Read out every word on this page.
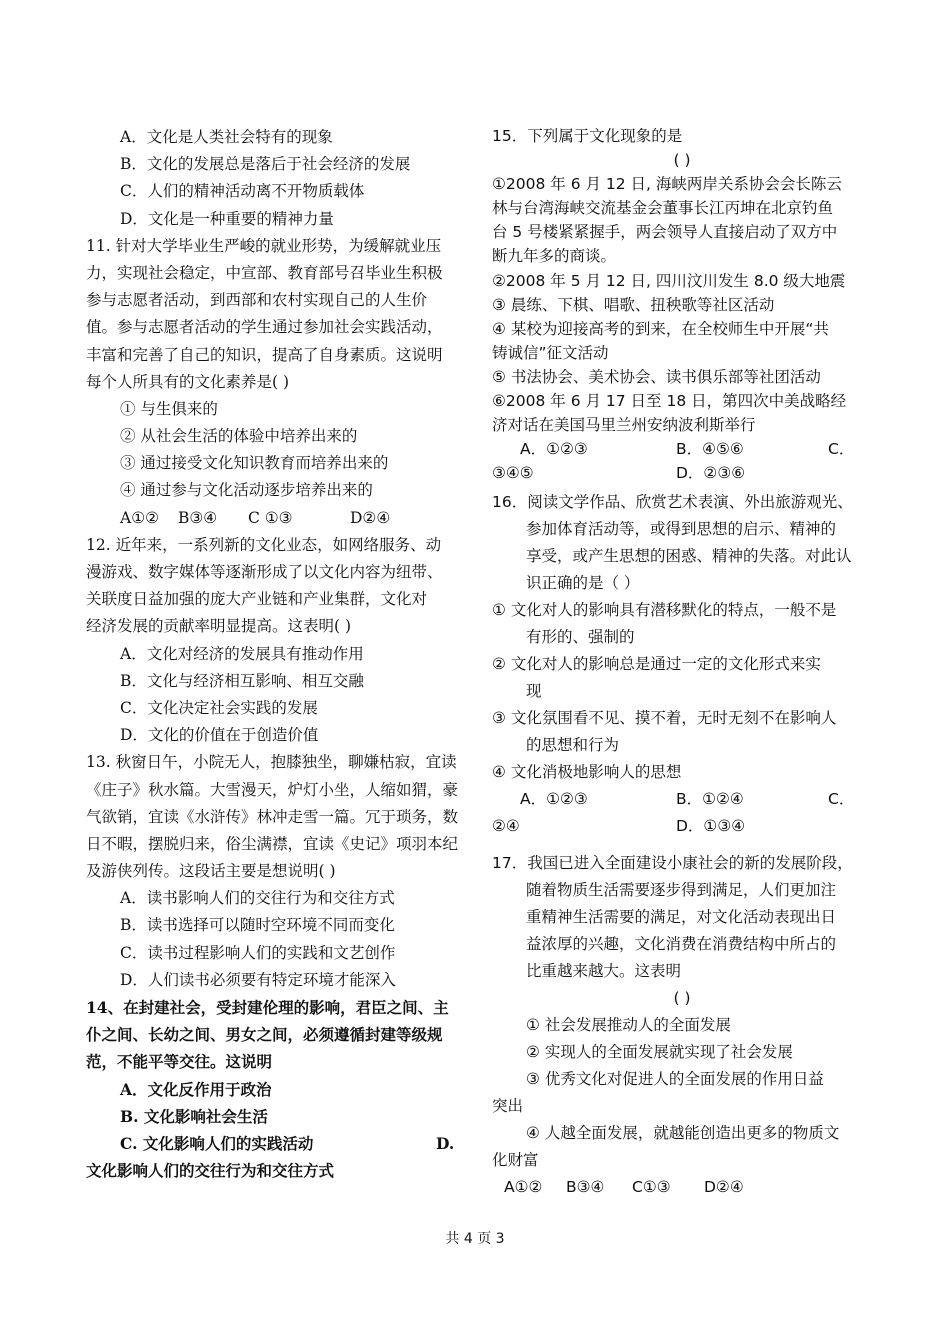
A．文化是人类社会特有的现象
B．文化的发展总是落后于社会经济的发展
C．人们的精神活动离不开物质载体
D．文化是一种重要的精神力量
11. 针对大学毕业生严峻的就业形势，为缓解就业压
力，实现社会稳定，中宣部、教育部号召毕业生积极
参与志愿者活动，到西部和农村实现自己的人生价
值。参与志愿者活动的学生通过参加社会实践活动，
丰富和完善了自己的知识，提高了自身素质。这说明
每个人所具有的文化素养是( )
① 与生俱来的
② 从社会生活的体验中培养出来的
③ 通过接受文化知识教育而培养出来的
④ 通过参与文化活动逐步培养出来的
A①②	B③④	C ①③	D②④
12. 近年来，一系列新的文化业态，如网络服务、动
漫游戏、数字媒体等逐渐形成了以文化内容为纽带、
关联度日益加强的庞大产业链和产业集群，文化对
经济发展的贡献率明显提高。这表明( )
A．文化对经济的发展具有推动作用
B．文化与经济相互影响、相互交融
C．文化决定社会实践的发展
D．文化的价值在于创造价值
13. 秋窗日午，小院无人，抱膝独坐，聊嫌枯寂，宜读
《庄子》秋水篇。大雪漫天，炉灯小坐，人缩如猬，豪
气欲销，宜读《水浒传》林冲走雪一篇。冗于琐务，数
日不暇，摆脱归来，俗尘满襟，宜读《史记》项羽本纪
及游侠列传。这段话主要是想说明( )
A．读书影响人们的交往行为和交往方式
B．读书选择可以随时空环境不同而变化
C．读书过程影响人们的实践和文艺创作
D．人们读书必须要有特定环境才能深入
14、在封建社会，受封建伦理的影响，君臣之间、主
仆之间、长幼之间、男女之间，必须遵循封建等级规
范，不能平等交往。这说明
A．文化反作用于政治
B. 文化影响社会生活
C. 文化影响人们的实践活动	D.
文化影响人们的交往行为和交往方式
15．下列属于文化现象的是
( )
①2008 年 6 月 12 日, 海峡两岸关系协会会长陈云
林与台湾海峡交流基金会董事长江丙坤在北京钓鱼
台 5 号楼紧紧握手，两会领导人直接启动了双方中
断九年多的商谈。
②2008 年 5 月 12 日, 四川汶川发生 8.0 级大地震
③ 晨练、下棋、唱歌、扭秧歌等社区活动
④ 某校为迎接高考的到来，在全校师生中开展“共
铸诚信”征文活动
⑤ 书法协会、美术协会、读书俱乐部等社团活动
⑥2008 年 6 月 17 日至 18 日，第四次中美战略经
济对话在美国马里兰州安纳波利斯举行
A．①②③	B．④⑤⑥	C．
③④⑤	D．②③⑥
16．阅读文学作品、欣赏艺术表演、外出旅游观光、
参加体育活动等，或得到思想的启示、精神的
享受，或产生思想的困惑、精神的失落。对此认
识正确的是（ ）
① 文化对人的影响具有潜移默化的特点，一般不是
有形的、强制的
② 文化对人的影响总是通过一定的文化形式来实
现
③ 文化氛围看不见、摸不着，无时无刻不在影响人
的思想和行为
④ 文化消极地影响人的思想
A．①②③	B．①②④	C．
②④	D．①③④
17．我国已进入全面建设小康社会的新的发展阶段，
随着物质生活需要逐步得到满足，人们更加注
重精神生活需要的满足，对文化活动表现出日
益浓厚的兴趣，文化消费在消费结构中所占的
比重越来越大。这表明
( )
① 社会发展推动人的全面发展
② 实现人的全面发展就实现了社会发展
③ 优秀文化对促进人的全面发展的作用日益
突出
④ 人越全面发展，就越能创造出更多的物质文
化财富
A①②	B③④	C①③	D②④
共 4 页 3
